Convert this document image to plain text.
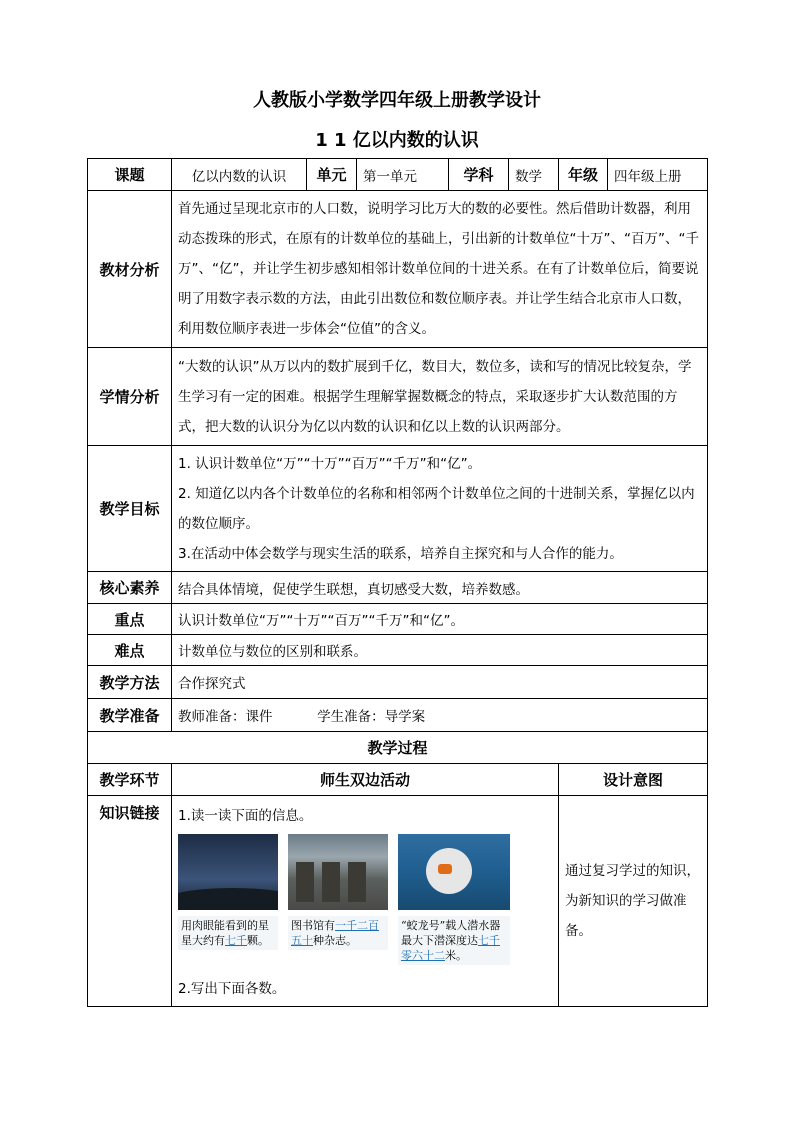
人教版小学数学四年级上册教学设计
1 1 亿以内数的认识
课题	亿以内数的认识	单元	第一单元	学科	数学	年级	四年级上册
教材分析	首先通过呈现北京市的人口数，说明学习比万大的数的必要性。然后借助计数器，利用动态拨珠的形式，在原有的计数单位的基础上，引出新的计数单位“十万”、“百万”、“千万”、“亿”，并让学生初步感知相邻计数单位间的十进关系。在有了计数单位后，简要说明了用数字表示数的方法，由此引出数位和数位顺序表。并让学生结合北京市人口数，利用数位顺序表进一步体会“位值”的含义。						
学情分析	“大数的认识”从万以内的数扩展到千亿，数目大，数位多，读和写的情况比较复杂，学生学习有一定的困难。根据学生理解掌握数概念的特点，采取逐步扩大认数范围的方式，把大数的认识分为亿以内数的认识和亿以上数的认识两部分。						
教学目标	1. 认识计数单位“万”“十万”“百万”“千万”和“亿”。
2. 知道亿以内各个计数单位的名称和相邻两个计数单位之间的十进制关系，掌握亿以内的数位顺序。
3.在活动中体会数学与现实生活的联系，培养自主探究和与人合作的能力。						

核心素养	结合具体情境，促使学生联想，真切感受大数，培养数感。						
重点	认识计数单位“万”“十万”“百万”“千万”和“亿”。						
难点	计数单位与数位的区别和联系。						
教学方法	合作探究式						
教学准备	教师准备：课件 学生准备：导学案						
教学过程							
教学环节	师生双边活动					设计意图	
知识链接	1.读一读下面的信息。
用肉眼能看到的星星大约有七千颗。
图书馆有一千二百五十种杂志。
“蛟龙号”载人潜水器最大下潜深度达七千零六十二米。
2.写出下面各数。					通过复习学过的知识，为新知识的学习做准备。	
